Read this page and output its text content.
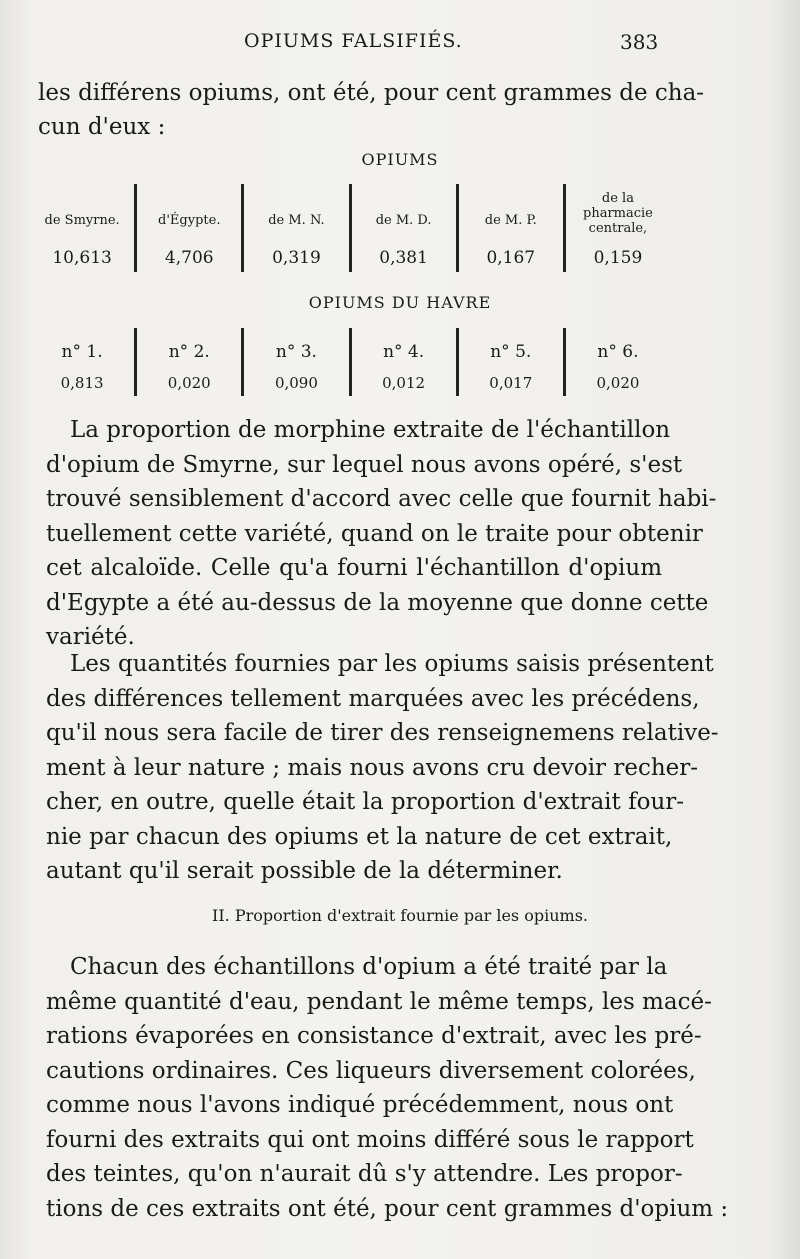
OPIUMS FALSIFIÉS.	383
les différens opiums, ont été, pour cent grammes de cha-
cun d'eux :
OPIUMS
de Smyrne.
10,613
d'Égypte.
4,706
de M. N.
0,319
de M. D.
0,381
de M. P.
0,167
de la pharmacie centrale,
0,159
OPIUMS DU HAVRE
n° 1.
0,813
n° 2.
0,020
n° 3.
0,090
n° 4.
0,012
n° 5.
0,017
n° 6.
0,020
La proportion de morphine extraite de l'échantillon
d'opium de Smyrne, sur lequel nous avons opéré, s'est
trouvé sensiblement d'accord avec celle que fournit habi-
tuellement cette variété, quand on le traite pour obtenir
cet alcaloïde. Celle qu'a fourni l'échantillon d'opium
d'Egypte a été au-dessus de la moyenne que donne cette
variété.
Les quantités fournies par les opiums saisis présentent
des différences tellement marquées avec les précédens,
qu'il nous sera facile de tirer des renseignemens relative-
ment à leur nature ; mais nous avons cru devoir recher-
cher, en outre, quelle était la proportion d'extrait four-
nie par chacun des opiums et la nature de cet extrait,
autant qu'il serait possible de la déterminer.
II. Proportion d'extrait fournie par les opiums.
Chacun des échantillons d'opium a été traité par la
même quantité d'eau, pendant le même temps, les macé-
rations évaporées en consistance d'extrait, avec les pré-
cautions ordinaires. Ces liqueurs diversement colorées,
comme nous l'avons indiqué précédemment, nous ont
fourni des extraits qui ont moins différé sous le rapport
des teintes, qu'on n'aurait dû s'y attendre. Les propor-
tions de ces extraits ont été, pour cent grammes d'opium :
